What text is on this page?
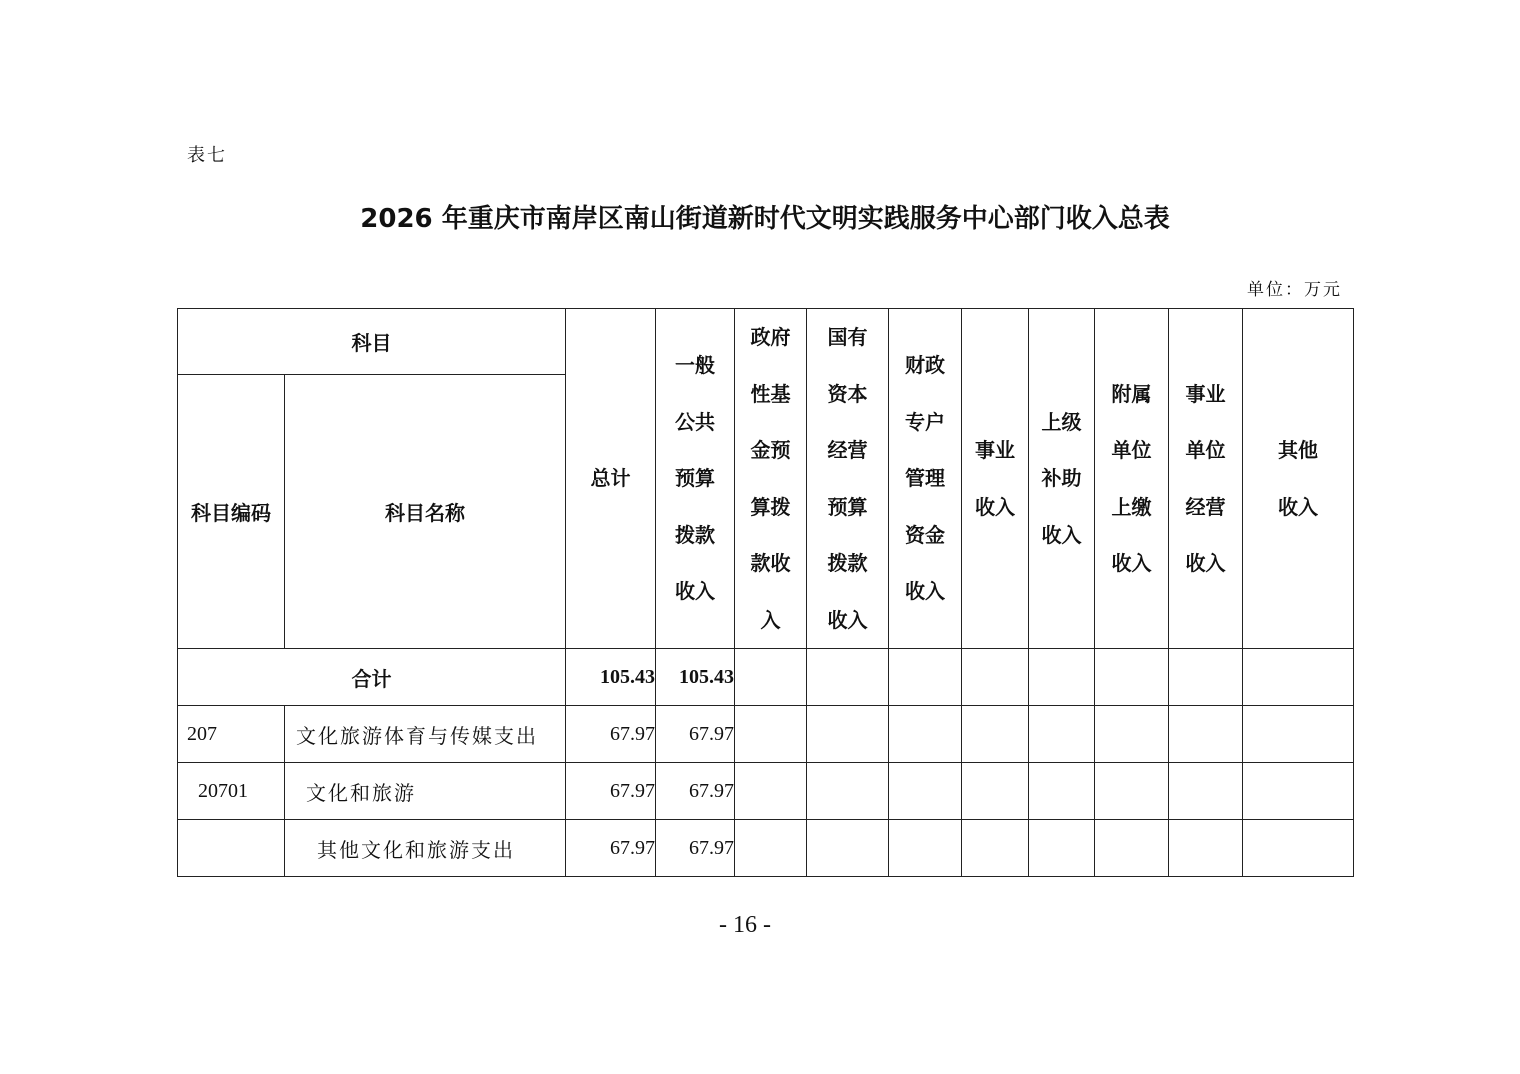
表七
2026 年重庆市南岸区南山街道新时代文明实践服务中心部门收入总表
单位：万元
科目		总计	一般公共预算拨款收入	政府性基金预算拨款收入	国有资本经营预算拨款收入	财政专户管理资金收入	事业收入	上级补助收入	附属单位上缴收入	事业单位经营收入	其他收入
科目编码	科目名称										
合计		105.43	105.43								
207	文化旅游体育与传媒支出	67.97	67.97								
20701	文化和旅游	67.97	67.97								
	其他文化和旅游支出	67.97	67.97								
- 16 -
